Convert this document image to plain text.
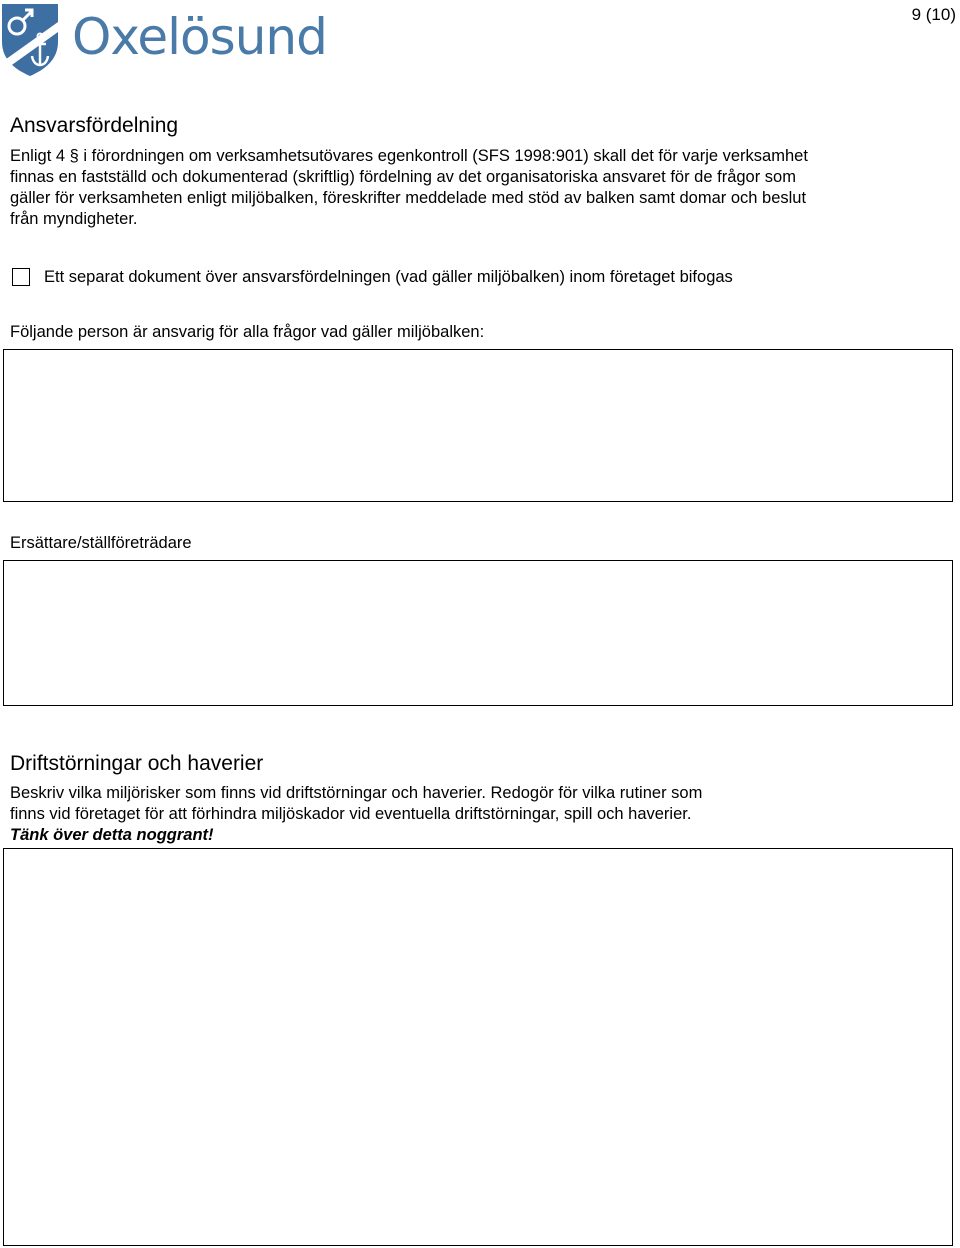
Oxelösund	9 (10)
Ansvarsfördelning
Enligt 4 § i förordningen om verksamhetsutövares egenkontroll (SFS 1998:901) skall det för varje verksamhet
finnas en fastställd och dokumenterad (skriftlig) fördelning av det organisatoriska ansvaret för de frågor som
gäller för verksamheten enligt miljöbalken, föreskrifter meddelade med stöd av balken samt domar och beslut
från myndigheter.
Ett separat dokument över ansvarsfördelningen (vad gäller miljöbalken) inom företaget bifogas
Följande person är ansvarig för alla frågor vad gäller miljöbalken:
Ersättare/ställföreträdare
Driftstörningar och haverier
Beskriv vilka miljörisker som finns vid driftstörningar och haverier. Redogör för vilka rutiner som
finns vid företaget för att förhindra miljöskador vid eventuella driftstörningar, spill och haverier.
Tänk över detta noggrant!
